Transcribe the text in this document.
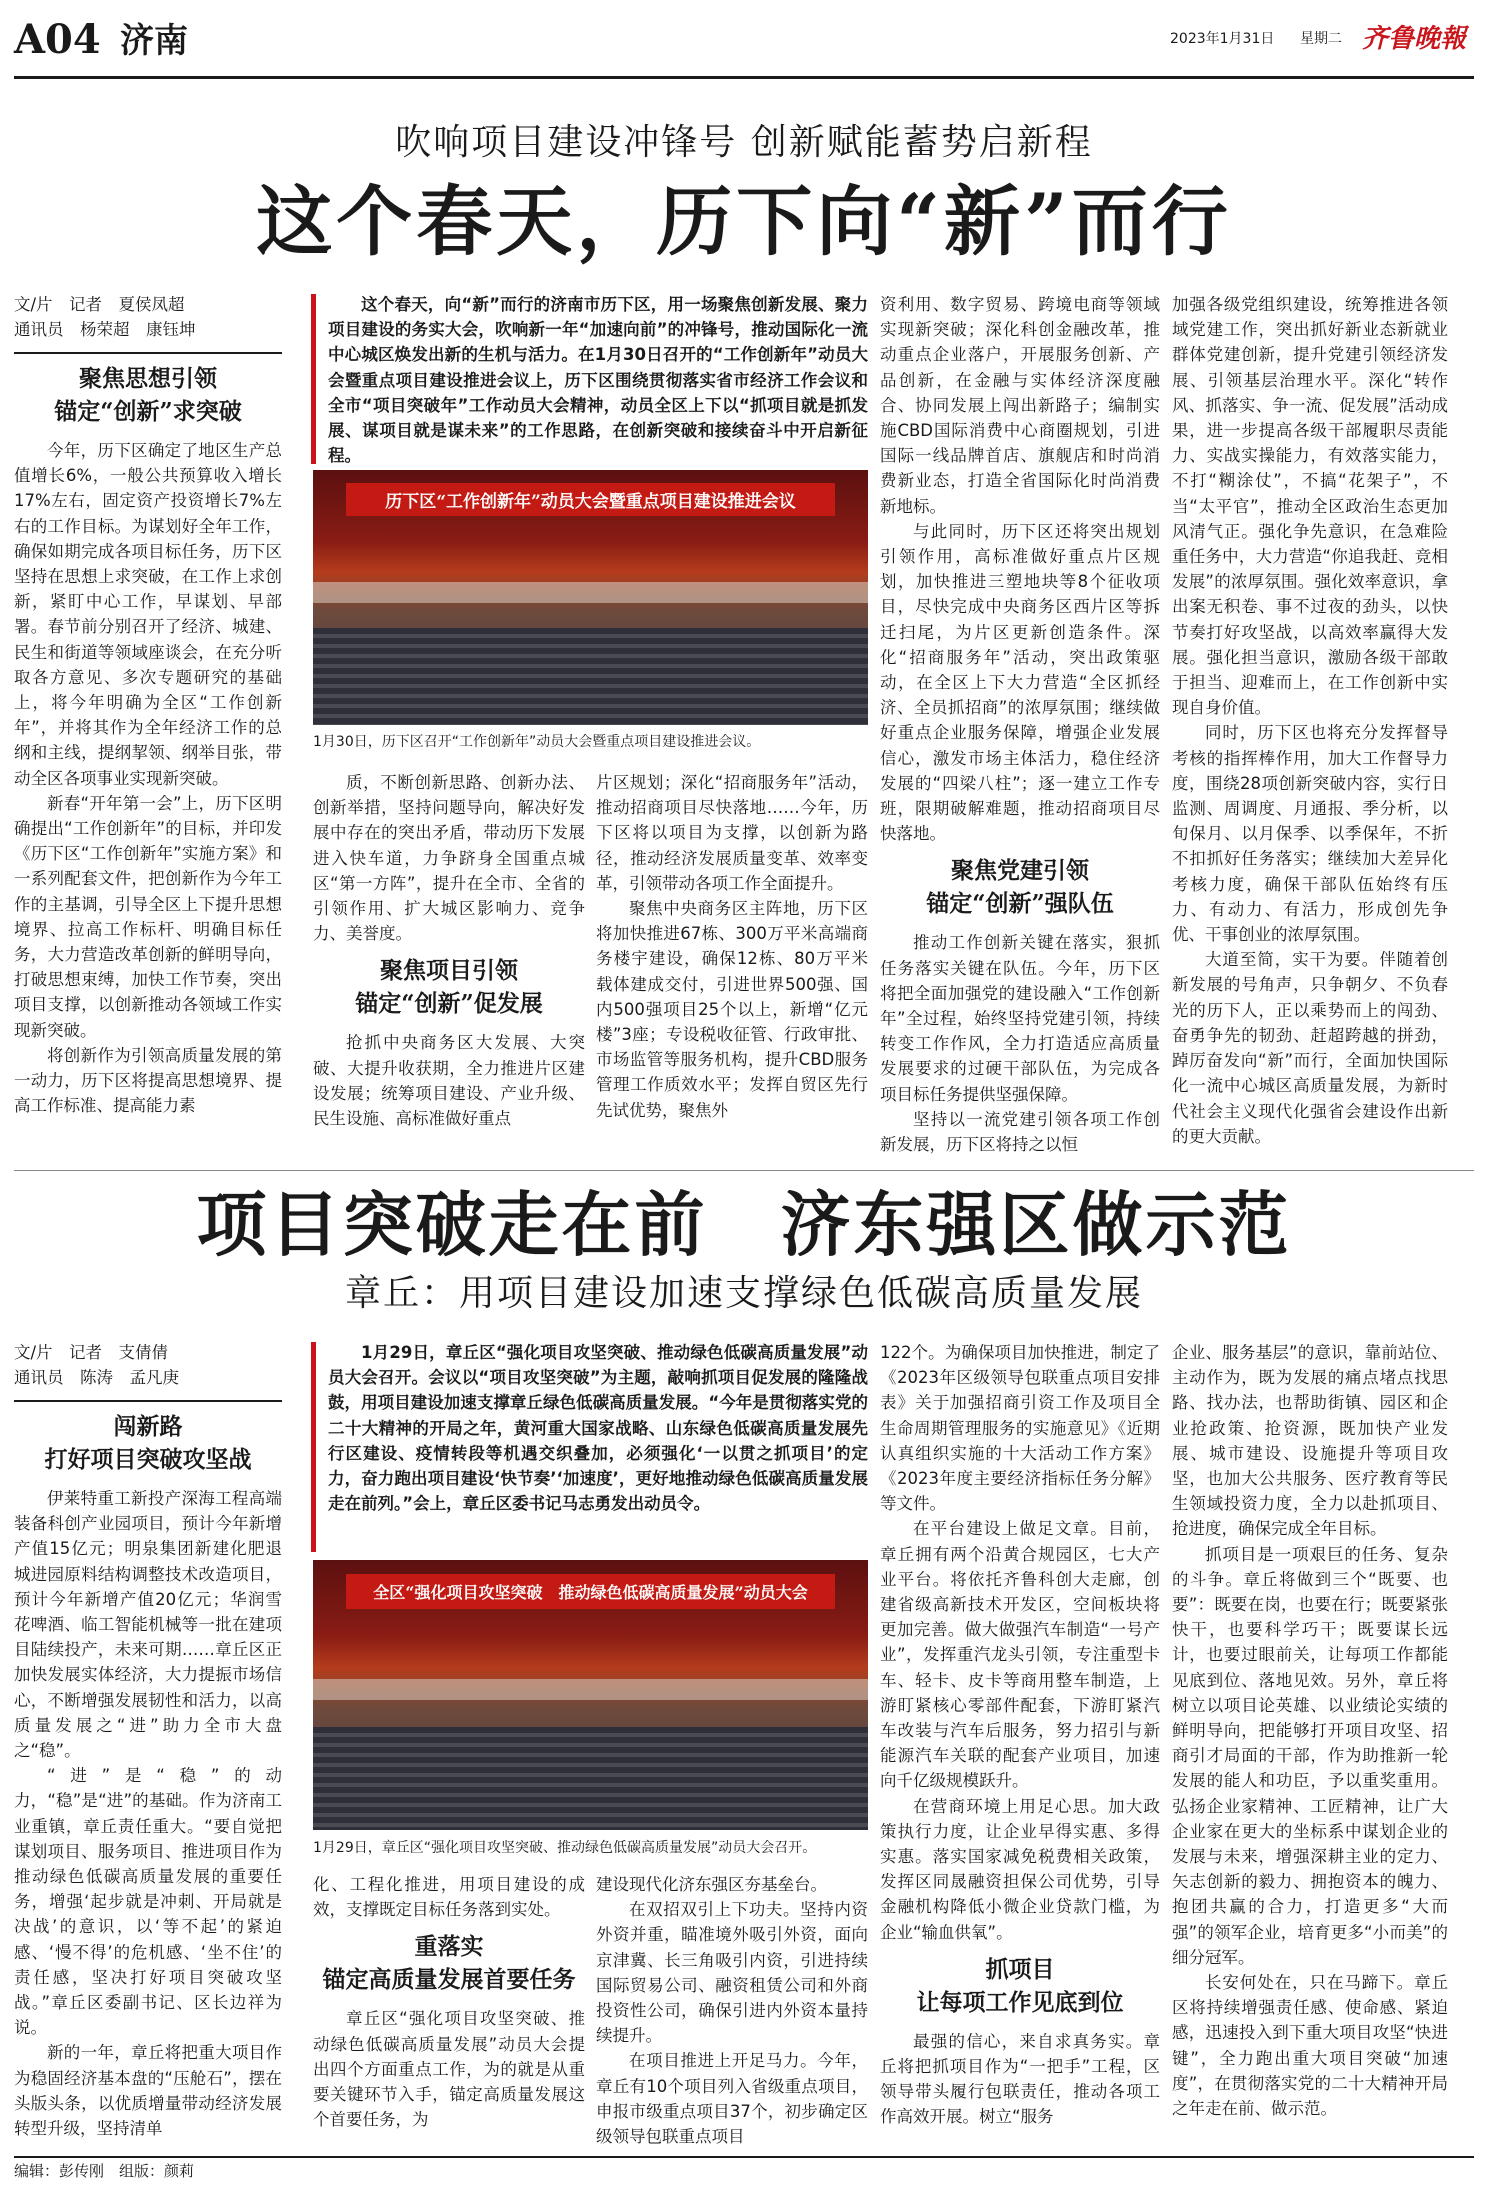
A04 济南	2023年1月31日 星期二 齐鲁晚報
吹响项目建设冲锋号 创新赋能蓄势启新程
这个春天，历下向“新”而行
文/片　记者　夏侯凤超
通讯员　杨荣超　康钰坤
聚焦思想引领
锚定“创新”求突破

今年，历下区确定了地区生产总值增长6%，一般公共预算收入增长17%左右，固定资产投资增长7%左右的工作目标。为谋划好全年工作，确保如期完成各项目标任务，历下区坚持在思想上求突破，在工作上求创新，紧盯中心工作，早谋划、早部署。春节前分别召开了经济、城建、民生和街道等领域座谈会，在充分听取各方意见、多次专题研究的基础上，将今年明确为全区“工作创新年”，并将其作为全年经济工作的总纲和主线，提纲挈领、纲举目张，带动全区各项事业实现新突破。

新春“开年第一会”上，历下区明确提出“工作创新年”的目标，并印发《历下区“工作创新年”实施方案》和一系列配套文件，把创新作为今年工作的主基调，引导全区上下提升思想境界、拉高工作标杆、明确目标任务，大力营造改革创新的鲜明导向，打破思想束缚，加快工作节奏，突出项目支撑，以创新推动各领域工作实现新突破。

将创新作为引领高质量发展的第一动力，历下区将提高思想境界、提高工作标准、提高能力素

这个春天，向“新”而行的济南市历下区，用一场聚焦创新发展、聚力项目建设的务实大会，吹响新一年“加速向前”的冲锋号，推动国际化一流中心城区焕发出新的生机与活力。在1月30日召开的“工作创新年”动员大会暨重点项目建设推进会议上，历下区围绕贯彻落实省市经济工作会议和全市“项目突破年”工作动员大会精神，动员全区上下以“抓项目就是抓发展、谋项目就是谋未来”的工作思路，在创新突破和接续奋斗中开启新征程。

历下区“工作创新年”动员大会暨重点项目建设推进会议
1月30日，历下区召开“工作创新年”动员大会暨重点项目建设推进会议。

质，不断创新思路、创新办法、创新举措，坚持问题导向，解决好发展中存在的突出矛盾，带动历下发展进入快车道，力争跻身全国重点城区“第一方阵”，提升在全市、全省的引领作用、扩大城区影响力、竞争力、美誉度。

聚焦项目引领
锚定“创新”促发展

抢抓中央商务区大发展、大突破、大提升收获期，全力推进片区建设发展；统筹项目建设、产业升级、民生设施、高标准做好重点

片区规划；深化“招商服务年”活动，推动招商项目尽快落地……今年，历下区将以项目为支撑，以创新为路径，推动经济发展质量变革、效率变革，引领带动各项工作全面提升。

聚焦中央商务区主阵地，历下区将加快推进67栋、300万平米高端商务楼宇建设，确保12栋、80万平米载体建成交付，引进世界500强、国内500强项目25个以上，新增“亿元楼”3座；专设税收征管、行政审批、市场监管等服务机构，提升CBD服务管理工作质效水平；发挥自贸区先行先试优势，聚焦外

资利用、数字贸易、跨境电商等领域实现新突破；深化科创金融改革，推动重点企业落户，开展服务创新、产品创新，在金融与实体经济深度融合、协同发展上闯出新路子；编制实施CBD国际消费中心商圈规划，引进国际一线品牌首店、旗舰店和时尚消费新业态，打造全省国际化时尚消费新地标。

与此同时，历下区还将突出规划引领作用，高标准做好重点片区规划，加快推进三塑地块等8个征收项目，尽快完成中央商务区西片区等拆迁扫尾，为片区更新创造条件。深化“招商服务年”活动，突出政策驱动，在全区上下大力营造“全区抓经济、全员抓招商”的浓厚氛围；继续做好重点企业服务保障，增强企业发展信心，激发市场主体活力，稳住经济发展的“四梁八柱”；逐一建立工作专班，限期破解难题，推动招商项目尽快落地。

聚焦党建引领
锚定“创新”强队伍

推动工作创新关键在落实，狠抓任务落实关键在队伍。今年，历下区将把全面加强党的建设融入“工作创新年”全过程，始终坚持党建引领，持续转变工作作风，全力打造适应高质量发展要求的过硬干部队伍，为完成各项目标任务提供坚强保障。

坚持以一流党建引领各项工作创新发展，历下区将持之以恒

加强各级党组织建设，统筹推进各领域党建工作，突出抓好新业态新就业群体党建创新，提升党建引领经济发展、引领基层治理水平。深化“转作风、抓落实、争一流、促发展”活动成果，进一步提高各级干部履职尽责能力、实战实操能力，有效落实能力，不打“糊涂仗”，不搞“花架子”，不当“太平官”，推动全区政治生态更加风清气正。强化争先意识，在急难险重任务中，大力营造“你追我赶、竞相发展”的浓厚氛围。强化效率意识，拿出案无积卷、事不过夜的劲头，以快节奏打好攻坚战，以高效率赢得大发展。强化担当意识，激励各级干部敢于担当、迎难而上，在工作创新中实现自身价值。

同时，历下区也将充分发挥督导考核的指挥棒作用，加大工作督导力度，围绕28项创新突破内容，实行日监测、周调度、月通报、季分析，以旬保月、以月保季、以季保年，不折不扣抓好任务落实；继续加大差异化考核力度，确保干部队伍始终有压力、有动力、有活力，形成创先争优、干事创业的浓厚氛围。

大道至简，实干为要。伴随着创新发展的号角声，只争朝夕、不负春光的历下人，正以乘势而上的闯劲、奋勇争先的韧劲、赶超跨越的拼劲，踔厉奋发向“新”而行，全面加快国际化一流中心城区高质量发展，为新时代社会主义现代化强省会建设作出新的更大贡献。

项目突破走在前　济东强区做示范
章丘：用项目建设加速支撑绿色低碳高质量发展
文/片　记者　支倩倩
通讯员　陈涛　孟凡庚
闯新路
打好项目突破攻坚战

伊莱特重工新投产深海工程高端装备科创产业园项目，预计今年新增产值15亿元；明泉集团新建化肥退城进园原料结构调整技术改造项目，预计今年新增产值20亿元；华润雪花啤酒、临工智能机械等一批在建项目陆续投产，未来可期……章丘区正加快发展实体经济，大力提振市场信心，不断增强发展韧性和活力，以高质量发展之“进”助力全市大盘之“稳”。

“进”是“稳”的动力，“稳”是“进”的基础。作为济南工业重镇，章丘责任重大。“要自觉把谋划项目、服务项目、推进项目作为推动绿色低碳高质量发展的重要任务，增强‘起步就是冲刺、开局就是决战’的意识，以‘等不起’的紧迫感、‘慢不得’的危机感、‘坐不住’的责任感，坚决打好项目突破攻坚战。”章丘区委副书记、区长边祥为说。

新的一年，章丘将把重大项目作为稳固经济基本盘的“压舱石”，摆在头版头条，以优质增量带动经济发展转型升级，坚持清单

1月29日，章丘区“强化项目攻坚突破、推动绿色低碳高质量发展”动员大会召开。会议以“项目攻坚突破”为主题，敲响抓项目促发展的隆隆战鼓，用项目建设加速支撑章丘绿色低碳高质量发展。“今年是贯彻落实党的二十大精神的开局之年，黄河重大国家战略、山东绿色低碳高质量发展先行区建设、疫情转段等机遇交织叠加，必须强化‘一以贯之抓项目’的定力，奋力跑出项目建设‘快节奏’‘加速度’，更好地推动绿色低碳高质量发展走在前列。”会上，章丘区委书记马志勇发出动员令。

全区“强化项目攻坚突破　推动绿色低碳高质量发展”动员大会
1月29日，章丘区“强化项目攻坚突破、推动绿色低碳高质量发展”动员大会召开。

化、工程化推进，用项目建设的成效，支撑既定目标任务落到实处。

重落实
锚定高质量发展首要任务

章丘区“强化项目攻坚突破、推动绿色低碳高质量发展”动员大会提出四个方面重点工作，为的就是从重要关键环节入手，锚定高质量发展这个首要任务，为

建设现代化济东强区夯基垒台。

在双招双引上下功夫。坚持内资外资并重，瞄准境外吸引外资，面向京津冀、长三角吸引内资，引进持续国际贸易公司、融资租赁公司和外商投资性公司，确保引进内外资本量持续提升。

在项目推进上开足马力。今年，章丘有10个项目列入省级重点项目，申报市级重点项目37个，初步确定区级领导包联重点项目

122个。为确保项目加快推进，制定了《2023年区级领导包联重点项目安排表》关于加强招商引资工作及项目全生命周期管理服务的实施意见》《近期认真组织实施的十大活动工作方案》《2023年度主要经济指标任务分解》等文件。

在平台建设上做足文章。目前，章丘拥有两个沿黄合规园区，七大产业平台。将依托齐鲁科创大走廊，创建省级高新技术开发区，空间板块将更加完善。做大做强汽车制造“一号产业”，发挥重汽龙头引领，专注重型卡车、轻卡、皮卡等商用整车制造，上游盯紧核心零部件配套，下游盯紧汽车改装与汽车后服务，努力招引与新能源汽车关联的配套产业项目，加速向千亿级规模跃升。

在营商环境上用足心思。加大政策执行力度，让企业早得实惠、多得实惠。落实国家减免税费相关政策，发挥区同晟融资担保公司优势，引导金融机构降低小微企业贷款门槛，为企业“输血供氧”。

抓项目
让每项工作见底到位

最强的信心，来自求真务实。章丘将把抓项目作为“一把手”工程，区领导带头履行包联责任，推动各项工作高效开展。树立“服务

企业、服务基层”的意识，靠前站位、主动作为，既为发展的痛点堵点找思路、找办法，也帮助街镇、园区和企业抢政策、抢资源，既加快产业发展、城市建设、设施提升等项目攻坚，也加大公共服务、医疗教育等民生领域投资力度，全力以赴抓项目、抢进度，确保完成全年目标。

抓项目是一项艰巨的任务、复杂的斗争。章丘将做到三个“既要、也要”：既要在岗，也要在行；既要紧张快干，也要科学巧干；既要谋长远计，也要过眼前关，让每项工作都能见底到位、落地见效。另外，章丘将树立以项目论英雄、以业绩论实绩的鲜明导向，把能够打开项目攻坚、招商引才局面的干部，作为助推新一轮发展的能人和功臣，予以重奖重用。弘扬企业家精神、工匠精神，让广大企业家在更大的坐标系中谋划企业的发展与未来，增强深耕主业的定力、矢志创新的毅力、拥抱资本的魄力、抱团共赢的合力，打造更多“大而强”的领军企业，培育更多“小而美”的细分冠军。

长安何处在，只在马蹄下。章丘区将持续增强责任感、使命感、紧迫感，迅速投入到下重大项目攻坚“快进键”，全力跑出重大项目突破“加速度”，在贯彻落实党的二十大精神开局之年走在前、做示范。

编辑：彭传刚　组版：颜莉
